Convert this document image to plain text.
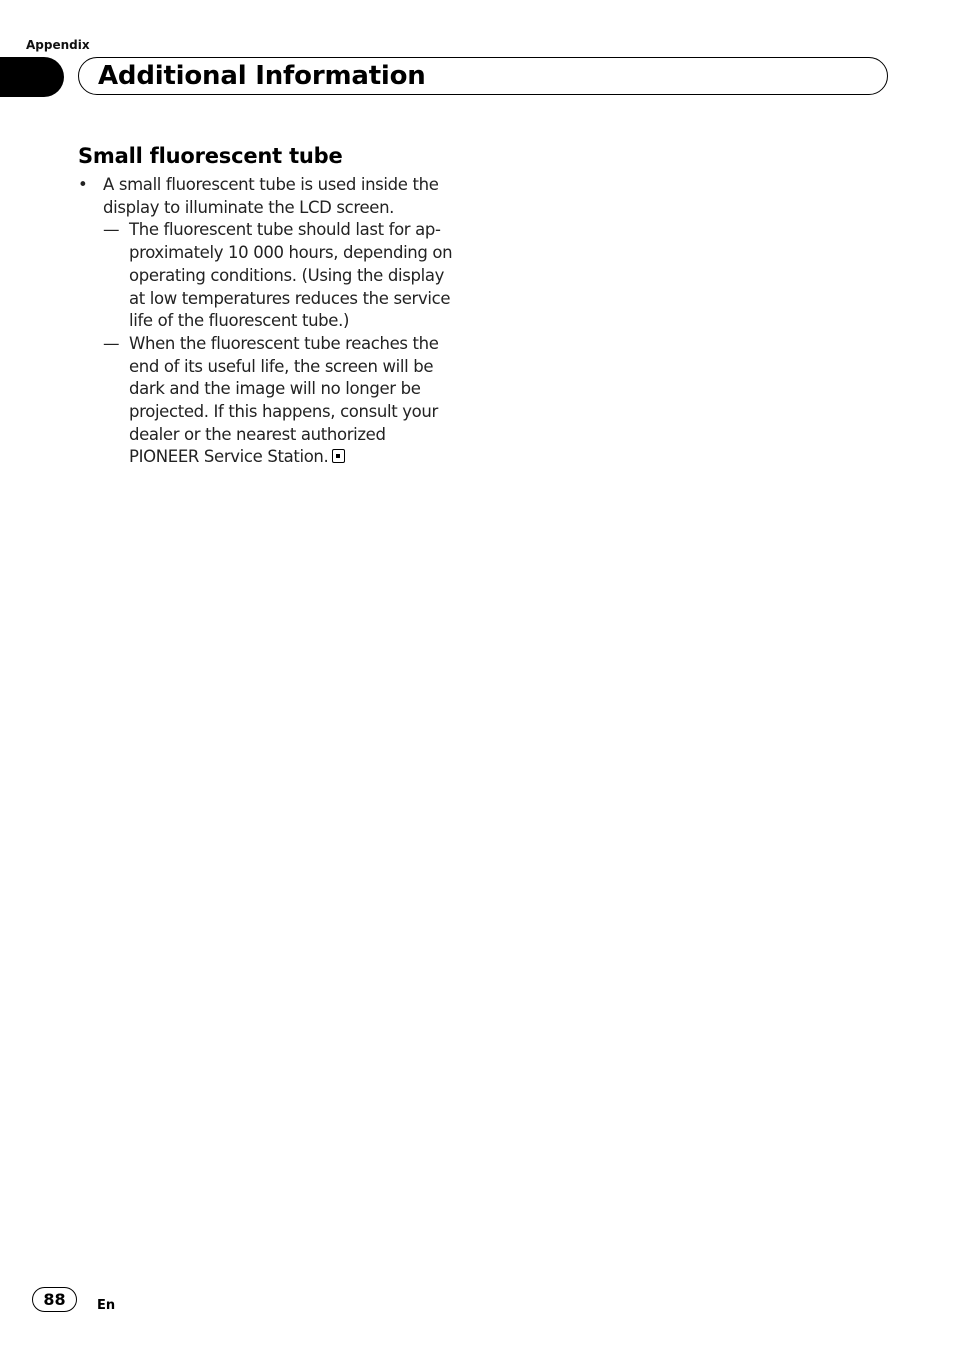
Appendix
Additional Information
Small fluorescent tube
• A small fluorescent tube is used inside the
display to illuminate the LCD screen.
— The fluorescent tube should last for ap-
proximately 10 000 hours, depending on
operating conditions. (Using the display
at low temperatures reduces the service
life of the fluorescent tube.)
— When the fluorescent tube reaches the
end of its useful life, the screen will be
dark and the image will no longer be
projected. If this happens, consult your
dealer or the nearest authorized
PIONEER Service Station.
88	En
